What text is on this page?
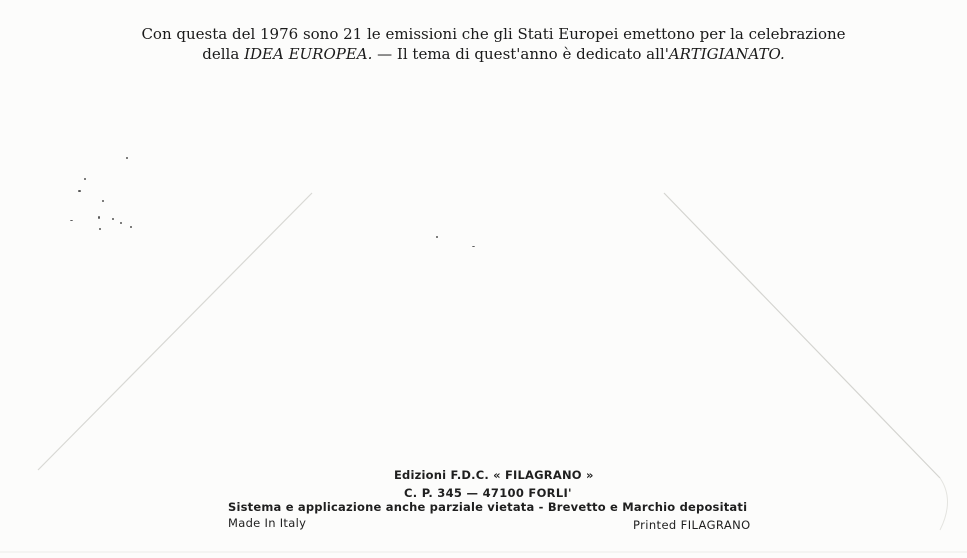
Con questa del 1976 sono 21 le emissioni che gli Stati Europei emettono per la celebrazione
della IDEA EUROPEA. — Il tema di quest'anno è dedicato all'ARTIGIANATO.
Edizioni F.D.C. « FILAGRANO »
C. P. 345 — 47100 FORLI'
Sistema e applicazione anche parziale vietata - Brevetto e Marchio depositati
Made In Italy	Printed FILAGRANO
